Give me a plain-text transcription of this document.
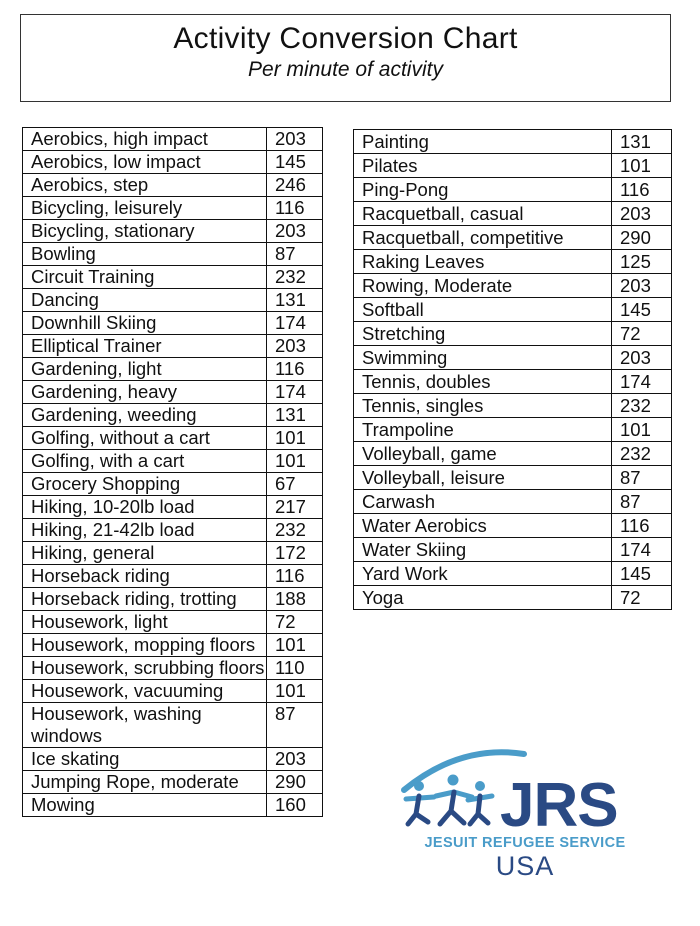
Activity Conversion Chart
Per minute of activity
Aerobics, high impact	203
Aerobics, low impact	145
Aerobics, step	246
Bicycling, leisurely	116
Bicycling, stationary	203
Bowling	87
Circuit Training	232
Dancing	131
Downhill Skiing	174
Elliptical Trainer	203
Gardening, light	116
Gardening, heavy	174
Gardening, weeding	131
Golfing, without a cart	101
Golfing, with a cart	101
Grocery Shopping	67
Hiking, 10-20lb load	217
Hiking, 21-42lb load	232
Hiking, general	172
Horseback riding	116
Horseback riding, trotting	188
Housework, light	72
Housework, mopping floors	101
Housework, scrubbing floors	110
Housework, vacuuming	101
Housework, washing windows	87
Ice skating	203
Jumping Rope, moderate	290
Mowing	160
Painting	131
Pilates	101
Ping-Pong	116
Racquetball, casual	203
Racquetball, competitive	290
Raking Leaves	125
Rowing, Moderate	203
Softball	145
Stretching	72
Swimming	203
Tennis, doubles	174
Tennis, singles	232
Trampoline	101
Volleyball, game	232
Volleyball, leisure	87
Carwash	87
Water Aerobics	116
Water Skiing	174
Yard Work	145
Yoga	72
JRS
JESUIT REFUGEE SERVICE
USA
